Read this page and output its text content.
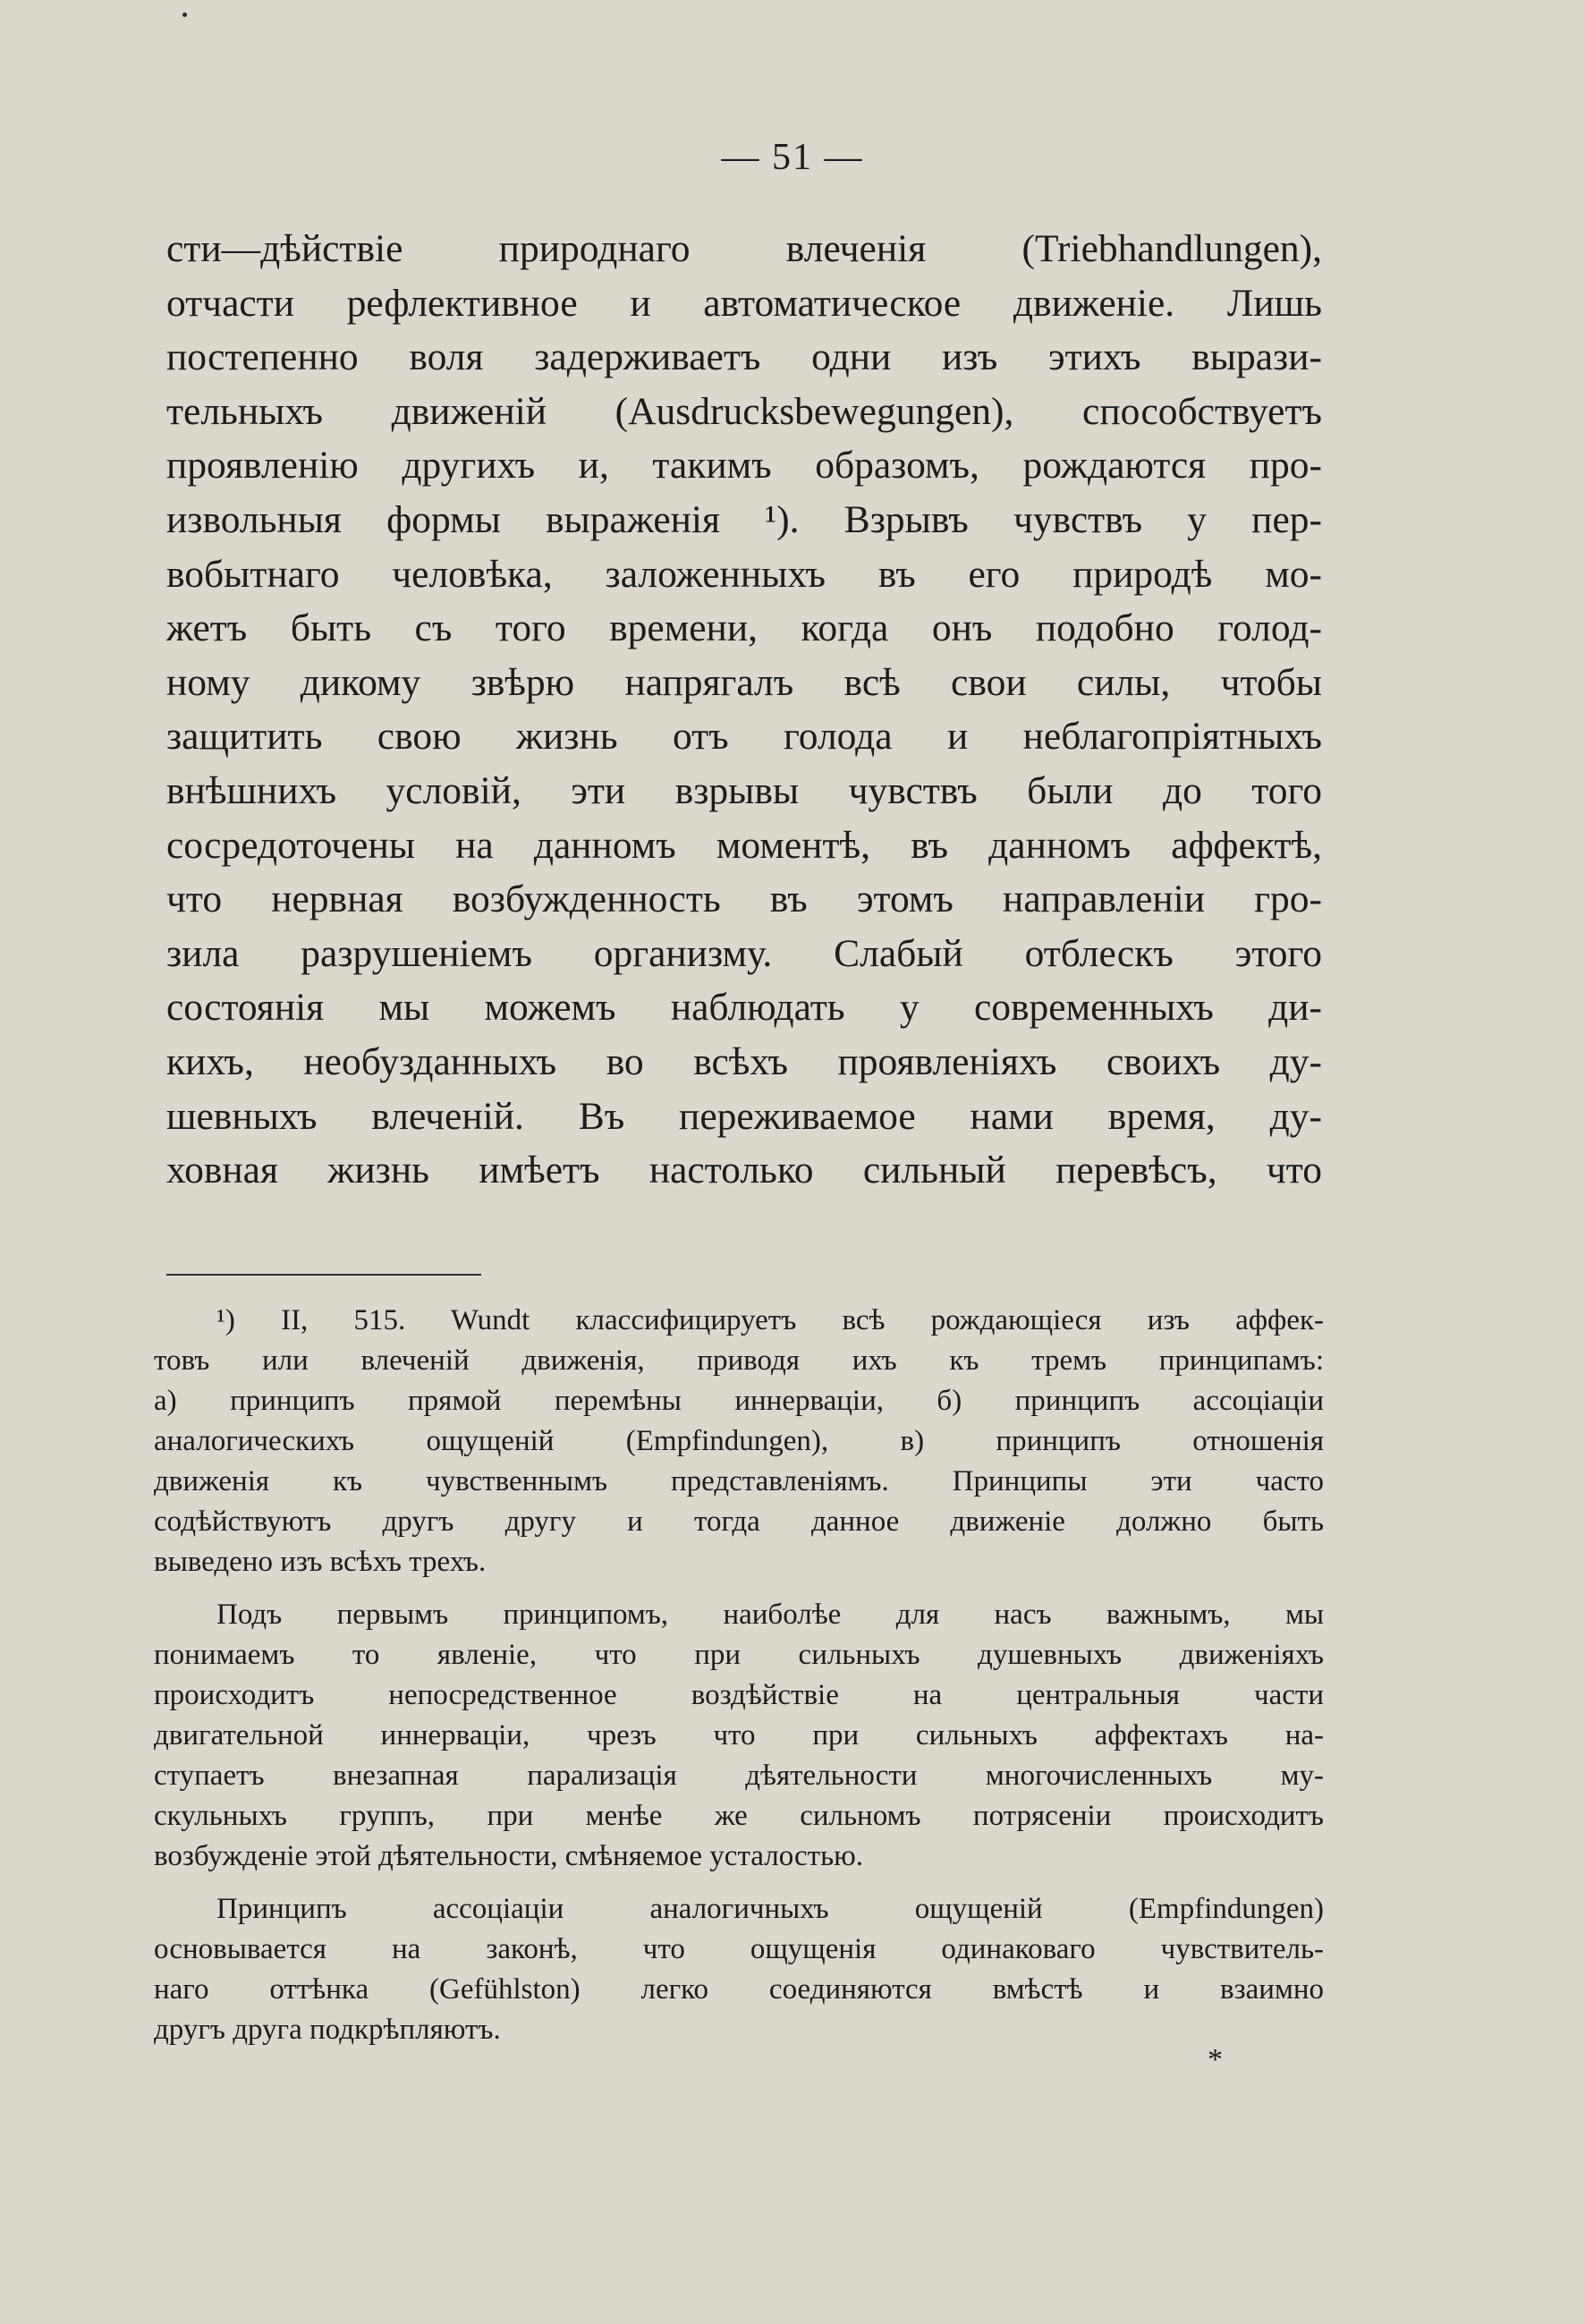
— 51 —
сти—дѣйствіе природнаго влеченія (Triebhandlungen),
отчасти рефлективное и автоматическое движеніе. Лишь
постепенно воля задерживаетъ одни изъ этихъ вырази-
тельныхъ движеній (Ausdrucksbewegungen), способствуетъ
проявленію другихъ и, такимъ образомъ, рождаются про-
извольныя формы выраженія ¹). Взрывъ чувствъ у пер-
вобытнаго человѣка, заложенныхъ въ его природѣ мо-
жетъ быть съ того времени, когда онъ подобно голод-
ному дикому звѣрю напрягалъ всѣ свои силы, чтобы
защитить свою жизнь отъ голода и неблагопріятныхъ
внѣшнихъ условій, эти взрывы чувствъ были до того
сосредоточены на данномъ моментѣ, въ данномъ аффектѣ,
что нервная возбужденность въ этомъ направленіи гро-
зила разрушеніемъ организму. Слабый отблескъ этого
состоянія мы можемъ наблюдать у современныхъ ди-
кихъ, необузданныхъ во всѣхъ проявленіяхъ своихъ ду-
шевныхъ влеченій. Въ переживаемое нами время, ду-
ховная жизнь имѣетъ настолько сильный перевѣсъ, что
¹) II, 515. Wundt классифицируетъ всѣ рождающіеся изъ аффек-
товъ или влеченій движенія, приводя ихъ къ тремъ принципамъ:
а) принципъ прямой перемѣны иннерваціи, б) принципъ ассоціаціи
аналогическихъ ощущеній (Empfindungen), в) принципъ отношенія
движенія къ чувственнымъ представленіямъ. Принципы эти часто
содѣйствуютъ другъ другу и тогда данное движеніе должно быть
выведено изъ всѣхъ трехъ.
Подъ первымъ принципомъ, наиболѣе для насъ важнымъ, мы
понимаемъ то явленіе, что при сильныхъ душевныхъ движеніяхъ
происходитъ непосредственное воздѣйствіе на центральныя части
двигательной иннерваціи, чрезъ что при сильныхъ аффектахъ на-
ступаетъ внезапная парализація дѣятельности многочисленныхъ му-
скульныхъ группъ, при менѣе же сильномъ потрясеніи происходитъ
возбужденіе этой дѣятельности, смѣняемое усталостью.
Принципъ ассоціаціи аналогичныхъ ощущеній (Empfindungen)
основывается на законѣ, что ощущенія одинаковаго чувствитель-
наго оттѣнка (Gefühlston) легко соединяются вмѣстѣ и взаимно
другъ друга подкрѣпляютъ.
*
